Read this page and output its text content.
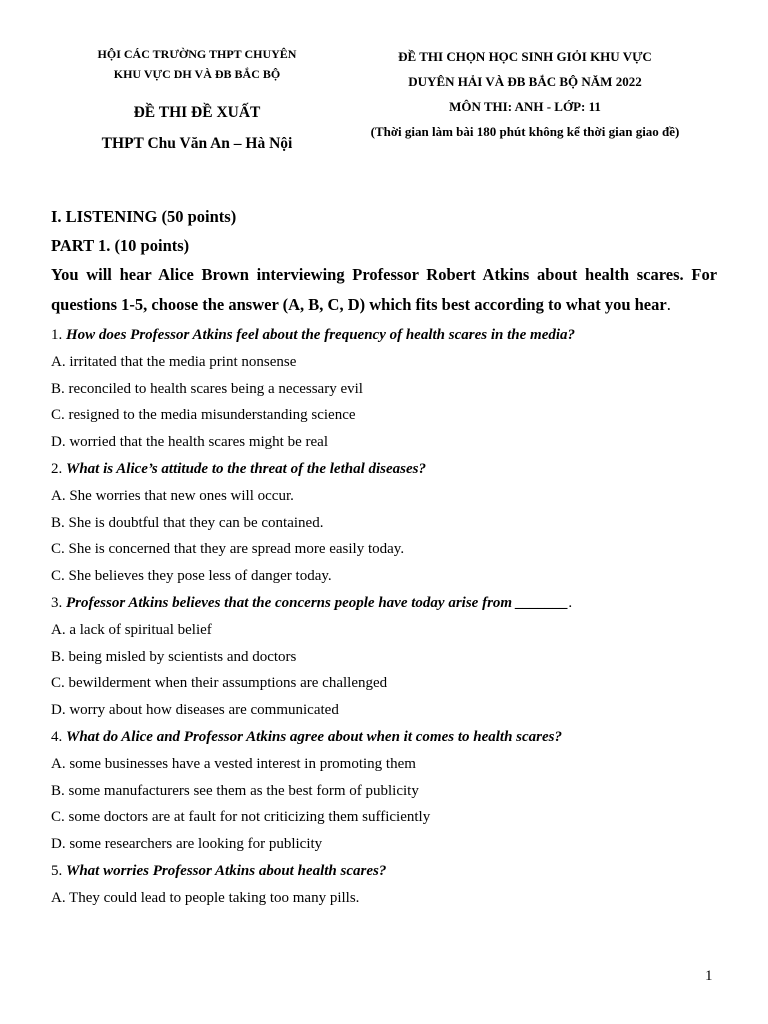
HỘI CÁC TRƯỜNG THPT CHUYÊN
KHU VỰC DH VÀ ĐB BẮC BỘ
ĐỀ THI ĐỀ XUẤT
THPT Chu Văn An – Hà Nội
ĐỀ THI CHỌN HỌC SINH GIỎI KHU VỰC
DUYÊN HẢI VÀ ĐB BẮC BỘ NĂM 2022
MÔN THI: ANH - LỚP: 11
(Thời gian làm bài 180 phút không kể thời gian giao đề)
I. LISTENING (50 points)
PART 1. (10 points)
You will hear Alice Brown interviewing Professor Robert Atkins about health scares. For questions 1-5, choose the answer (A, B, C, D) which fits best according to what you hear.
1. How does Professor Atkins feel about the frequency of health scares in the media?
A. irritated that the media print nonsense
B. reconciled to health scares being a necessary evil
C. resigned to the media misunderstanding science
D. worried that the health scares might be real
2. What is Alice’s attitude to the threat of the lethal diseases?
A. She worries that new ones will occur.
B. She is doubtful that they can be contained.
C. She is concerned that they are spread more easily today.
C. She believes they pose less of danger today.
3. Professor Atkins believes that the concerns people have today arise from _______.
A. a lack of spiritual belief
B. being misled by scientists and doctors
C. bewilderment when their assumptions are challenged
D. worry about how diseases are communicated
4. What do Alice and Professor Atkins agree about when it comes to health scares?
A. some businesses have a vested interest in promoting them
B. some manufacturers see them as the best form of publicity
C. some doctors are at fault for not criticizing them sufficiently
D. some researchers are looking for publicity
5. What worries Professor Atkins about health scares?
A. They could lead to people taking too many pills.
1
